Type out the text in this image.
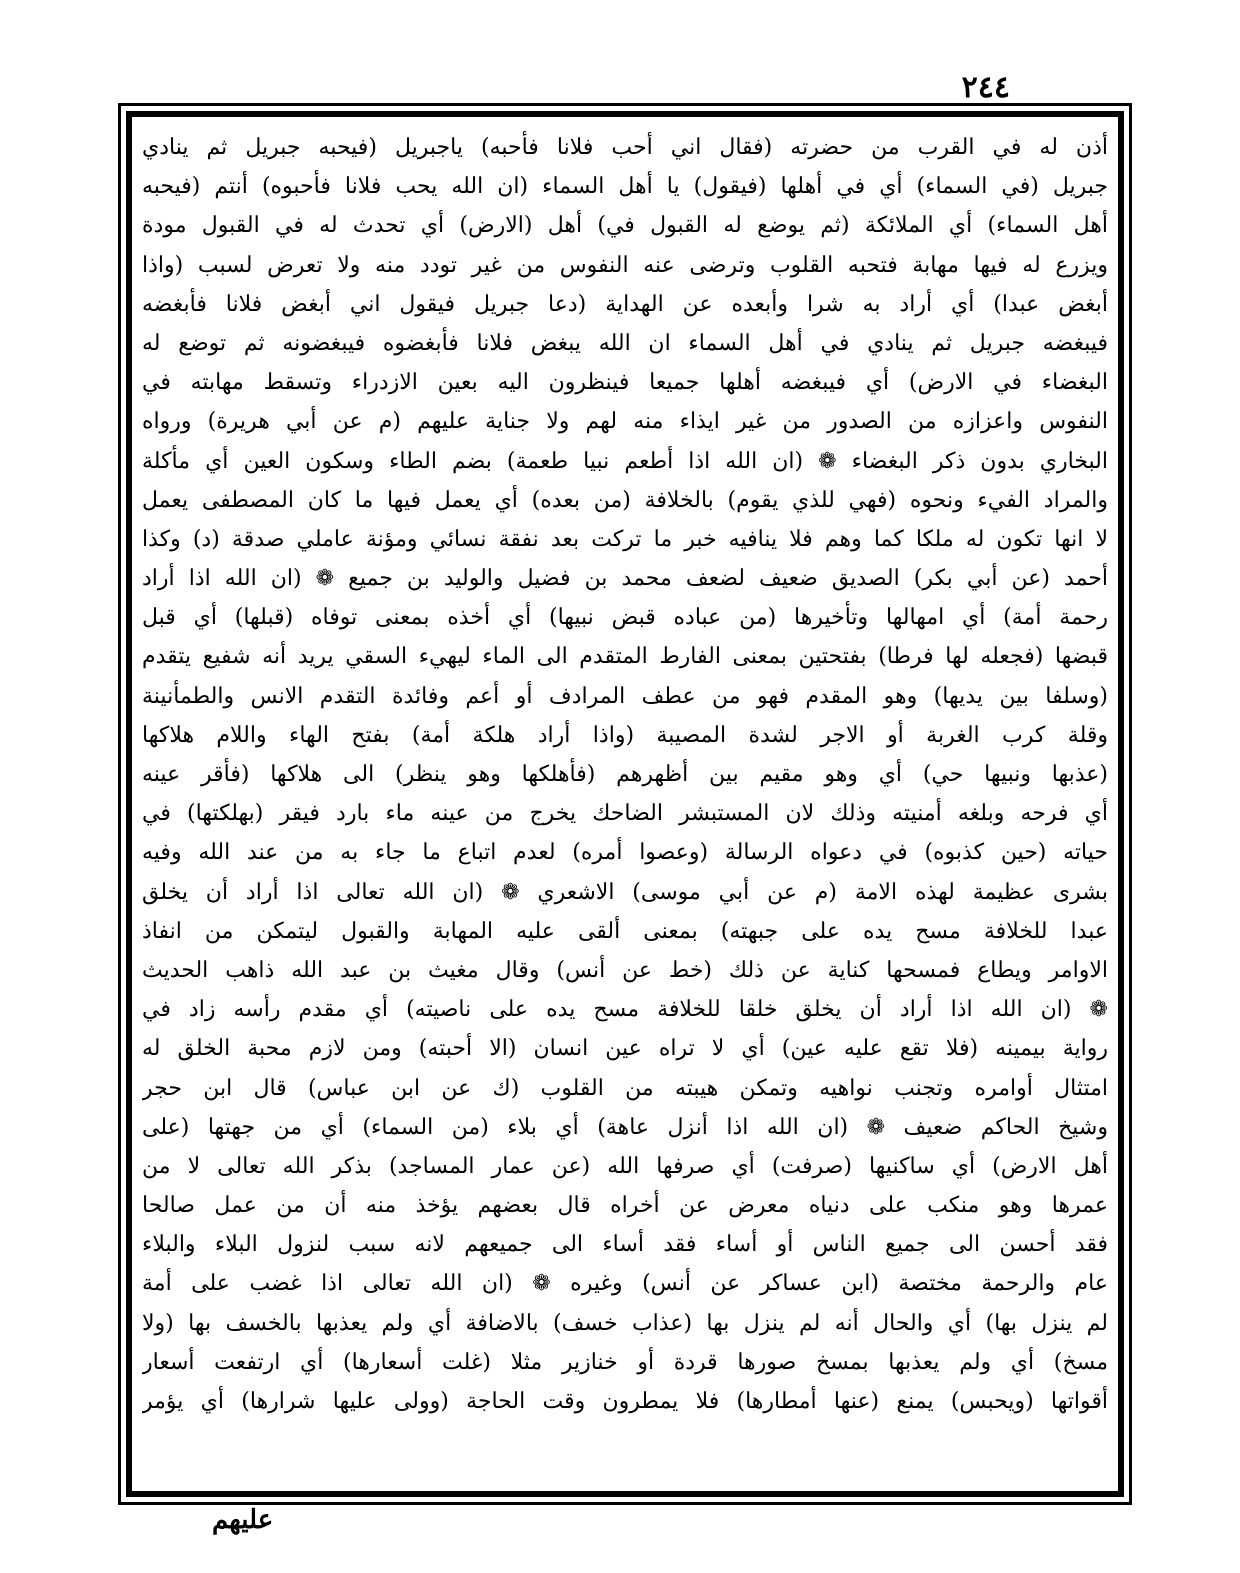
٢٤٤
أذن له في القرب من حضرته (فقال اني أحب فلانا فأحبه) ياجبريل (فيحبه جبريل ثم ينادي
جبريل (في السماء) أي في أهلها (فيقول) يا أهل السماء (ان الله يحب فلانا فأحبوه) أنتم (فيحبه
أهل السماء) أي الملائكة (ثم يوضع له القبول في) أهل (الارض) أي تحدث له في القبول مودة
ويزرع له فيها مهابة فتحبه القلوب وترضى عنه النفوس من غير تودد منه ولا تعرض لسبب (واذا
أبغض عبدا) أي أراد به شرا وأبعده عن الهداية (دعا جبريل فيقول اني أبغض فلانا فأبغضه
فيبغضه جبريل ثم ينادي في أهل السماء ان الله يبغض فلانا فأبغضوه فيبغضونه ثم توضع له
البغضاء في الارض) أي فيبغضه أهلها جميعا فينظرون اليه بعين الازدراء وتسقط مهابته في
النفوس واعزازه من الصدور من غير ايذاء منه لهم ولا جناية عليهم (م عن أبي هريرة) ورواه
البخاري بدون ذكر البغضاء ❁ (ان الله اذا أطعم نبيا طعمة) بضم الطاء وسكون العين أي مأكلة
والمراد الفيء ونحوه (فهي للذي يقوم) بالخلافة (من بعده) أي يعمل فيها ما كان المصطفى يعمل
لا انها تكون له ملكا كما وهم فلا ينافيه خبر ما تركت بعد نفقة نسائي ومؤنة عاملي صدقة (د) وكذا
أحمد (عن أبي بكر) الصديق ضعيف لضعف محمد بن فضيل والوليد بن جميع ❁ (ان الله اذا أراد
رحمة أمة) أي امهالها وتأخيرها (من عباده قبض نبيها) أي أخذه بمعنى توفاه (قبلها) أي قبل
قبضها (فجعله لها فرطا) بفتحتين بمعنى الفارط المتقدم الى الماء ليهيء السقي يريد أنه شفيع يتقدم
(وسلفا بين يديها) وهو المقدم فهو من عطف المرادف أو أعم وفائدة التقدم الانس والطمأنينة
وقلة كرب الغربة أو الاجر لشدة المصيبة (واذا أراد هلكة أمة) بفتح الهاء واللام هلاكها
(عذبها ونبيها حي) أي وهو مقيم بين أظهرهم (فأهلكها وهو ينظر) الى هلاكها (فأقر عينه
أي فرحه وبلغه أمنيته وذلك لان المستبشر الضاحك يخرج من عينه ماء بارد فيقر (بهلكتها) في
حياته (حين كذبوه) في دعواه الرسالة (وعصوا أمره) لعدم اتباع ما جاء به من عند الله وفيه
بشرى عظيمة لهذه الامة (م عن أبي موسى) الاشعري ❁ (ان الله تعالى اذا أراد أن يخلق
عبدا للخلافة مسح يده على جبهته) بمعنى ألقى عليه المهابة والقبول ليتمكن من انفاذ
الاوامر ويطاع فمسحها كناية عن ذلك (خط عن أنس) وقال مغيث بن عبد الله ذاهب الحديث
❁ (ان الله اذا أراد أن يخلق خلقا للخلافة مسح يده على ناصيته) أي مقدم رأسه زاد في
رواية بيمينه (فلا تقع عليه عين) أي لا تراه عين انسان (الا أحبته) ومن لازم محبة الخلق له
امتثال أوامره وتجنب نواهيه وتمكن هيبته من القلوب (ك عن ابن عباس) قال ابن حجر
وشيخ الحاكم ضعيف ❁ (ان الله اذا أنزل عاهة) أي بلاء (من السماء) أي من جهتها (على
أهل الارض) أي ساكنيها (صرفت) أي صرفها الله (عن عمار المساجد) بذكر الله تعالى لا من
عمرها وهو منكب على دنياه معرض عن أخراه قال بعضهم يؤخذ منه أن من عمل صالحا
فقد أحسن الى جميع الناس أو أساء فقد أساء الى جميعهم لانه سبب لنزول البلاء والبلاء
عام والرحمة مختصة (ابن عساكر عن أنس) وغيره ❁ (ان الله تعالى اذا غضب على أمة
لم ينزل بها) أي والحال أنه لم ينزل بها (عذاب خسف) بالاضافة أي ولم يعذبها بالخسف بها (ولا
مسخ) أي ولم يعذبها بمسخ صورها قردة أو خنازير مثلا (غلت أسعارها) أي ارتفعت أسعار
أقواتها (ويحبس) يمنع (عنها أمطارها) فلا يمطرون وقت الحاجة (وولى عليها شرارها) أي يؤمر
عليهم
